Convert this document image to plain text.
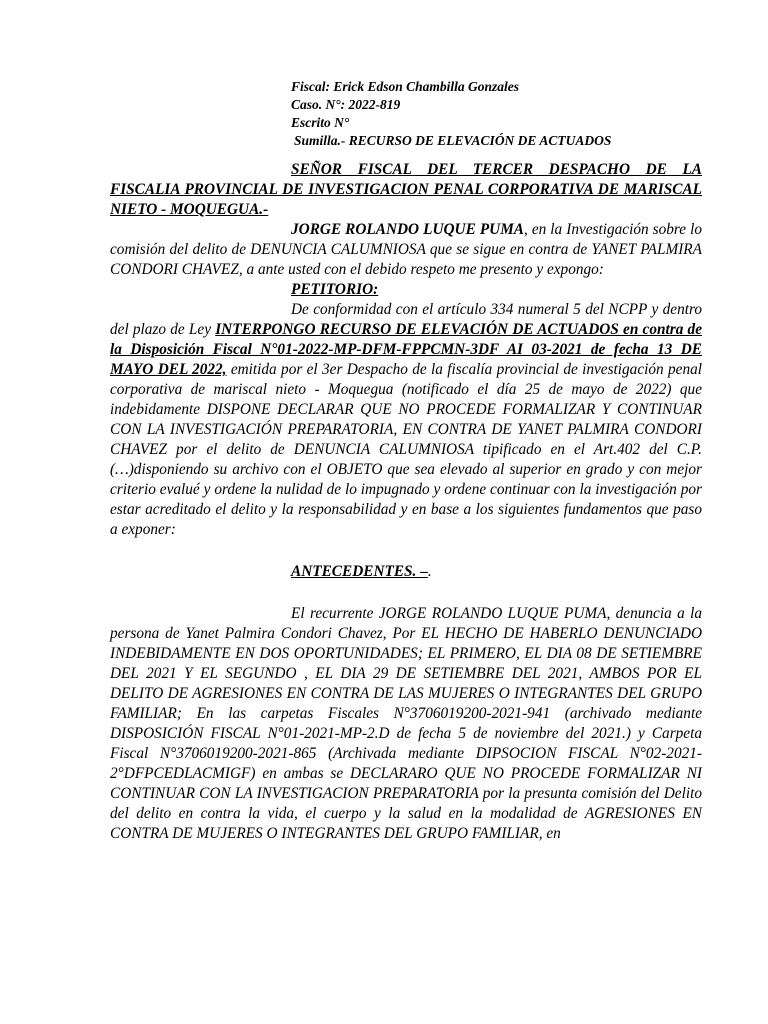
Fiscal: Erick Edson Chambilla Gonzales
Caso. N°: 2022-819
Escrito N°
Sumilla.- RECURSO DE ELEVACIÓN DE ACTUADOS

SEÑOR FISCAL DEL TERCER DESPACHO DE LA FISCALIA PROVINCIAL DE INVESTIGACION PENAL CORPORATIVA DE MARISCAL NIETO - MOQUEGUA.-

JORGE ROLANDO LUQUE PUMA, en la Investigación sobre lo comisión del delito de DENUNCIA CALUMNIOSA que se sigue en contra de YANET PALMIRA CONDORI CHAVEZ, a ante usted con el debido respeto me presento y expongo:

PETITORIO:

De conformidad con el artículo 334 numeral 5 del NCPP y dentro del plazo de Ley INTERPONGO RECURSO DE ELEVACIÓN DE ACTUADOS en contra de la Disposición Fiscal N°01-2022-MP-DFM-FPPCMN-3DF AI 03-2021 de fecha 13 DE MAYO DEL 2022, emitida por el 3er Despacho de la fiscalía provincial de investigación penal corporativa de mariscal nieto - Moquegua (notificado el día 25 de mayo de 2022) que indebidamente DISPONE DECLARAR QUE NO PROCEDE FORMALIZAR Y CONTINUAR CON LA INVESTIGACIÓN PREPARATORIA, EN CONTRA DE YANET PALMIRA CONDORI CHAVEZ por el delito de DENUNCIA CALUMNIOSA tipificado en el Art.402 del C.P. (…)disponiendo su archivo con el OBJETO que sea elevado al superior en grado y con mejor criterio evalué y ordene la nulidad de lo impugnado y ordene continuar con la investigación por estar acreditado el delito y la responsabilidad y en base a los siguientes fundamentos que paso a exponer:

ANTECEDENTES. –.

El recurrente JORGE ROLANDO LUQUE PUMA, denuncia a la persona de Yanet Palmira Condori Chavez, Por EL HECHO DE HABERLO DENUNCIADO INDEBIDAMENTE EN DOS OPORTUNIDADES; EL PRIMERO, EL DIA 08 DE SETIEMBRE DEL 2021 Y EL SEGUNDO , EL DIA 29 DE SETIEMBRE DEL 2021, AMBOS POR EL DELITO DE AGRESIONES EN CONTRA DE LAS MUJERES O INTEGRANTES DEL GRUPO FAMILIAR; En las carpetas Fiscales N°3706019200-2021-941 (archivado mediante DISPOSICIÓN FISCAL N°01-2021-MP-2.D de fecha 5 de noviembre del 2021.) y Carpeta Fiscal N°3706019200-2021-865 (Archivada mediante DIPSOCION FISCAL N°02-2021-2°DFPCEDLACMIGF) en ambas se DECLARARO QUE NO PROCEDE FORMALIZAR NI CONTINUAR CON LA INVESTIGACION PREPARATORIA por la presunta comisión del Delito del delito en contra la vida, el cuerpo y la salud en la modalidad de AGRESIONES EN CONTRA DE MUJERES O INTEGRANTES DEL GRUPO FAMILIAR, en
